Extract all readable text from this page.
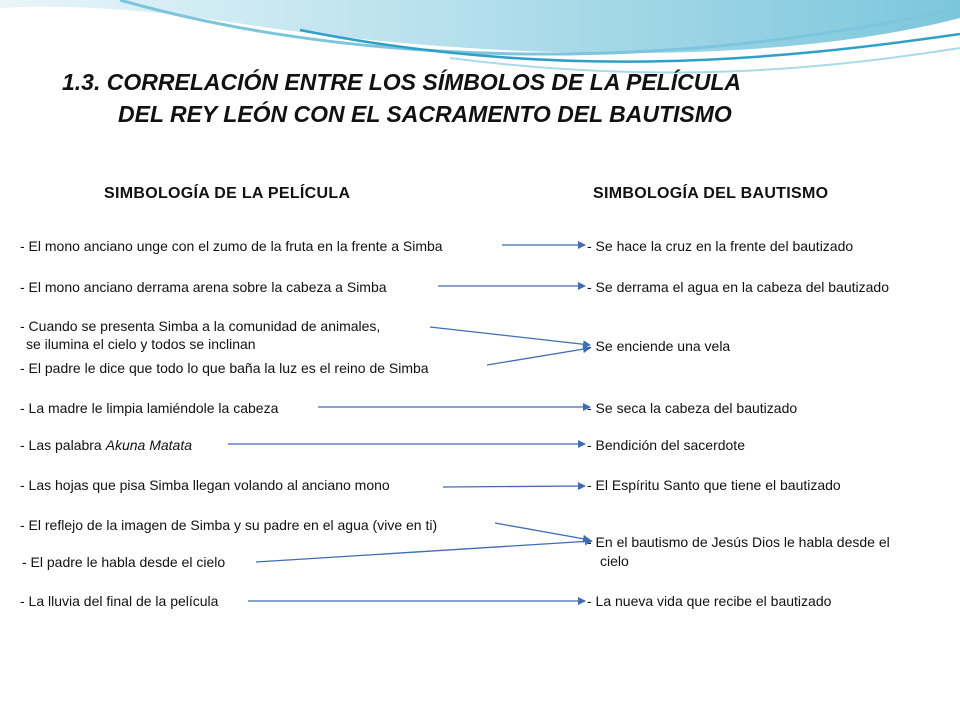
1.3. CORRELACIÓN ENTRE LOS SÍMBOLOS DE LA PELÍCULA
DEL REY LEÓN CON EL SACRAMENTO DEL BAUTISMO
SIMBOLOGÍA DE LA PELÍCULA	SIMBOLOGÍA DEL BAUTISMO
- El mono anciano unge con el zumo de la fruta en la frente a Simba
- El mono anciano derrama arena sobre la cabeza a Simba
- Cuando se presenta Simba a la comunidad de animales,
se ilumina el cielo y todos se inclinan
- El padre le dice que todo lo que baña la luz es el reino de Simba
- La madre le limpia lamiéndole la cabeza
- Las palabra Akuna Matata
- Las hojas que pisa Simba llegan volando al anciano mono
- El reflejo de la imagen de Simba y su padre en el agua (vive en ti)
- El padre le habla desde el cielo
- La lluvia del final de la película
- Se hace la cruz en la frente del bautizado
- Se derrama el agua en la cabeza del bautizado
- Se enciende una vela
- Se seca la cabeza del bautizado
- Bendición del sacerdote
- El Espíritu Santo que tiene el bautizado
- En el bautismo de Jesús Dios le habla desde el
cielo
- La nueva vida que recibe el bautizado
